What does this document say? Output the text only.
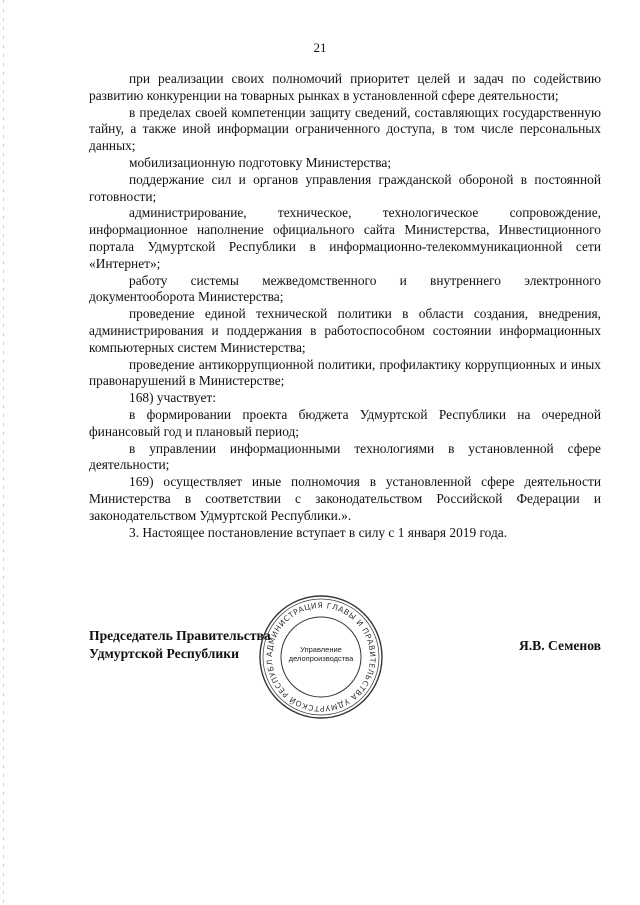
21

при реализации своих полномочий приоритет целей и задач по содействию развитию конкуренции на товарных рынках в установленной сфере деятельности;

в пределах своей компетенции защиту сведений, составляющих государственную тайну, а также иной информации ограниченного доступа, в том числе персональных данных;

мобилизационную подготовку Министерства;

поддержание сил и органов управления гражданской обороной в постоянной готовности;

администрирование, техническое, технологическое сопровождение, информационное наполнение официального сайта Министерства, Инвестиционного портала Удмуртской Республики в информационно-телекоммуникационной сети «Интернет»;

работу системы межведомственного и внутреннего электронного документооборота Министерства;

проведение единой технической политики в области создания, внедрения, администрирования и поддержания в работоспособном состоянии информационных компьютерных систем Министерства;

проведение антикоррупционной политики, профилактику коррупционных и иных правонарушений в Министерстве;

168) участвует:

в формировании проекта бюджета Удмуртской Республики на очередной финансовый год и плановый период;

в управлении информационными технологиями в установленной сфере деятельности;

169) осуществляет иные полномочия в установленной сфере деятельности Министерства в соответствии с законодательством Российской Федерации и законодательством Удмуртской Республики.».

3. Настоящее постановление вступает в силу с 1 января 2019 года.

Председатель Правительства
Удмуртской Республики
Я.В. Семенов
АДМИНИСТРАЦИЯ ГЛАВЫ И ПРАВИТЕЛЬСТВА УДМУРТСКОЙ РЕСПУБЛ
Управление
делопроизводства
